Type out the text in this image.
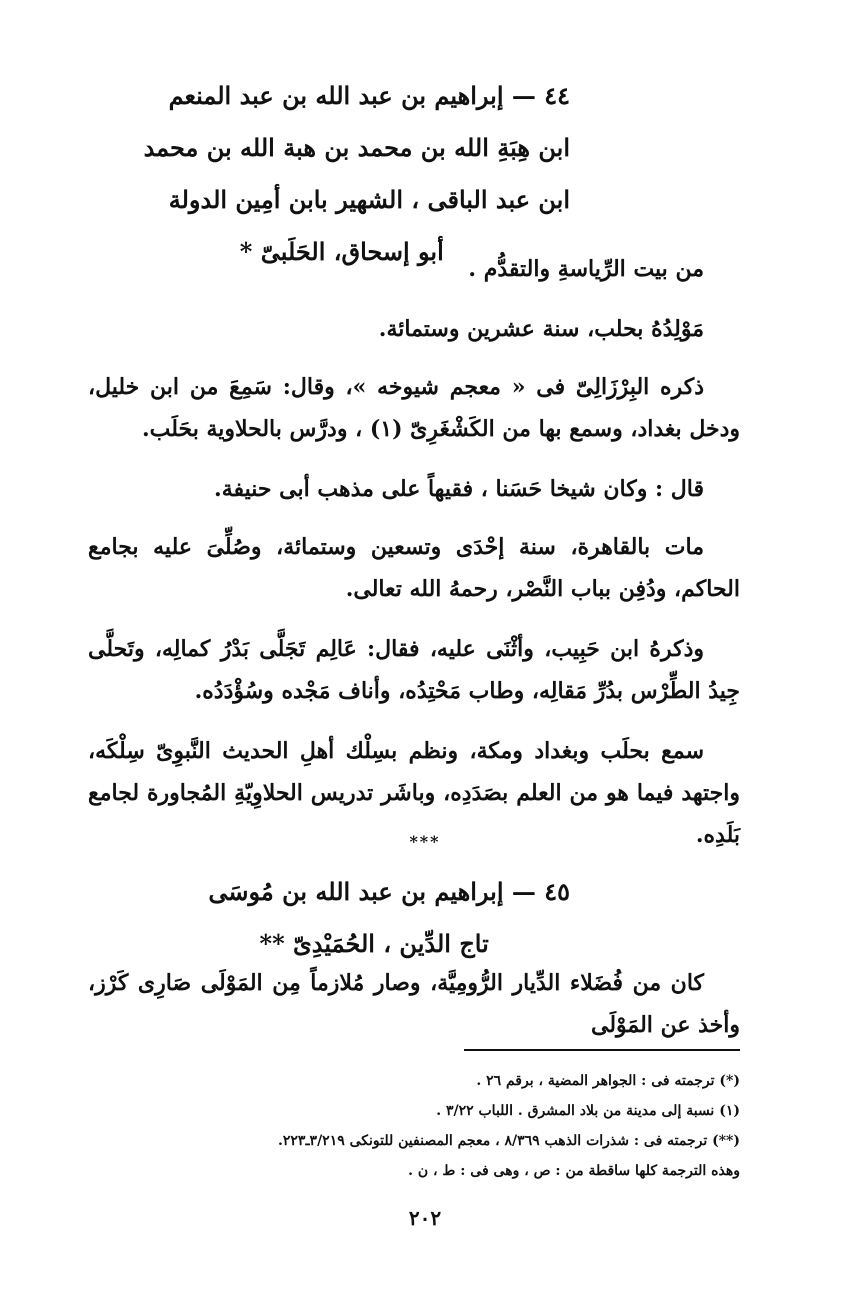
٤٤ — إبراهيم بن عبد الله بن عبد المنعم
ابن هِبَةِ الله بن محمد بن هبة الله بن محمد
ابن عبد الباقى ، الشهير بابن أمِين الدولة
أبو إسحاق، الحَلَبىّ *

من بيت الرِّياسةِ والتقدُّم .

مَوْلِدُهُ بحلب، سنة عشرين وستمائة.

ذكره البِرْزَالِىّ فى « معجم شيوخه »، وقال: سَمِعَ من ابن خليل، ودخل بغداد، وسمع بها من الكَشْغَرِىّ (١) ، ودرَّس بالحلاوية بحَلَب.

قال : وكان شيخا حَسَنا ، فقيهاً على مذهب أبى حنيفة.

مات بالقاهرة، سنة إحْدَى وتسعين وستمائة، وصُلِّىَ عليه بجامع الحاكم، ودُفِن بباب النَّصْر، رحمهُ الله تعالى.

وذكرهُ ابن حَبِيب، وأثْنَى عليه، فقال: عَالِم تَجَلَّى بَدْرُ كمالِه، وتَحلَّى جِيدُ الطِّرْس بدُرِّ مَقالِه، وطاب مَحْتِدُه، وأناف مَجْده وسُؤْدَدُه.

سمع بحلَب وبغداد ومكة، ونظم بسِلْك أهلِ الحديث النَّبوِىّ سِلْكَه، واجتهد فيما هو من العلم بصَدَدِه، وباشَر تدريس الحلاوِيّةِ المُجاورة لجامع بَلَدِه.

***
٤٥ — إبراهيم بن عبد الله بن مُوسَى
تاج الدِّين ، الحُمَيْدِىّ **

كان من فُضَلاء الدِّيار الرُّومِيَّة، وصار مُلازماً مِن المَوْلَى صَارِى كَرْز، وأخذ عن المَوْلَى

(*) ترجمته فى : الجواهر المضية ، برقم ٢٦ .
(١) نسبة إلى مدينة من بلاد المشرق . اللباب ٣/٢٢ .
(**) ترجمته فى : شذرات الذهب ٨/٣٦٩ ، معجم المصنفين للتونكى ٣/٢١٩ـ٢٢٣.
وهذه الترجمة كلها ساقطة من : ص ، وهى فى : ط ، ن .
٢٠٢
